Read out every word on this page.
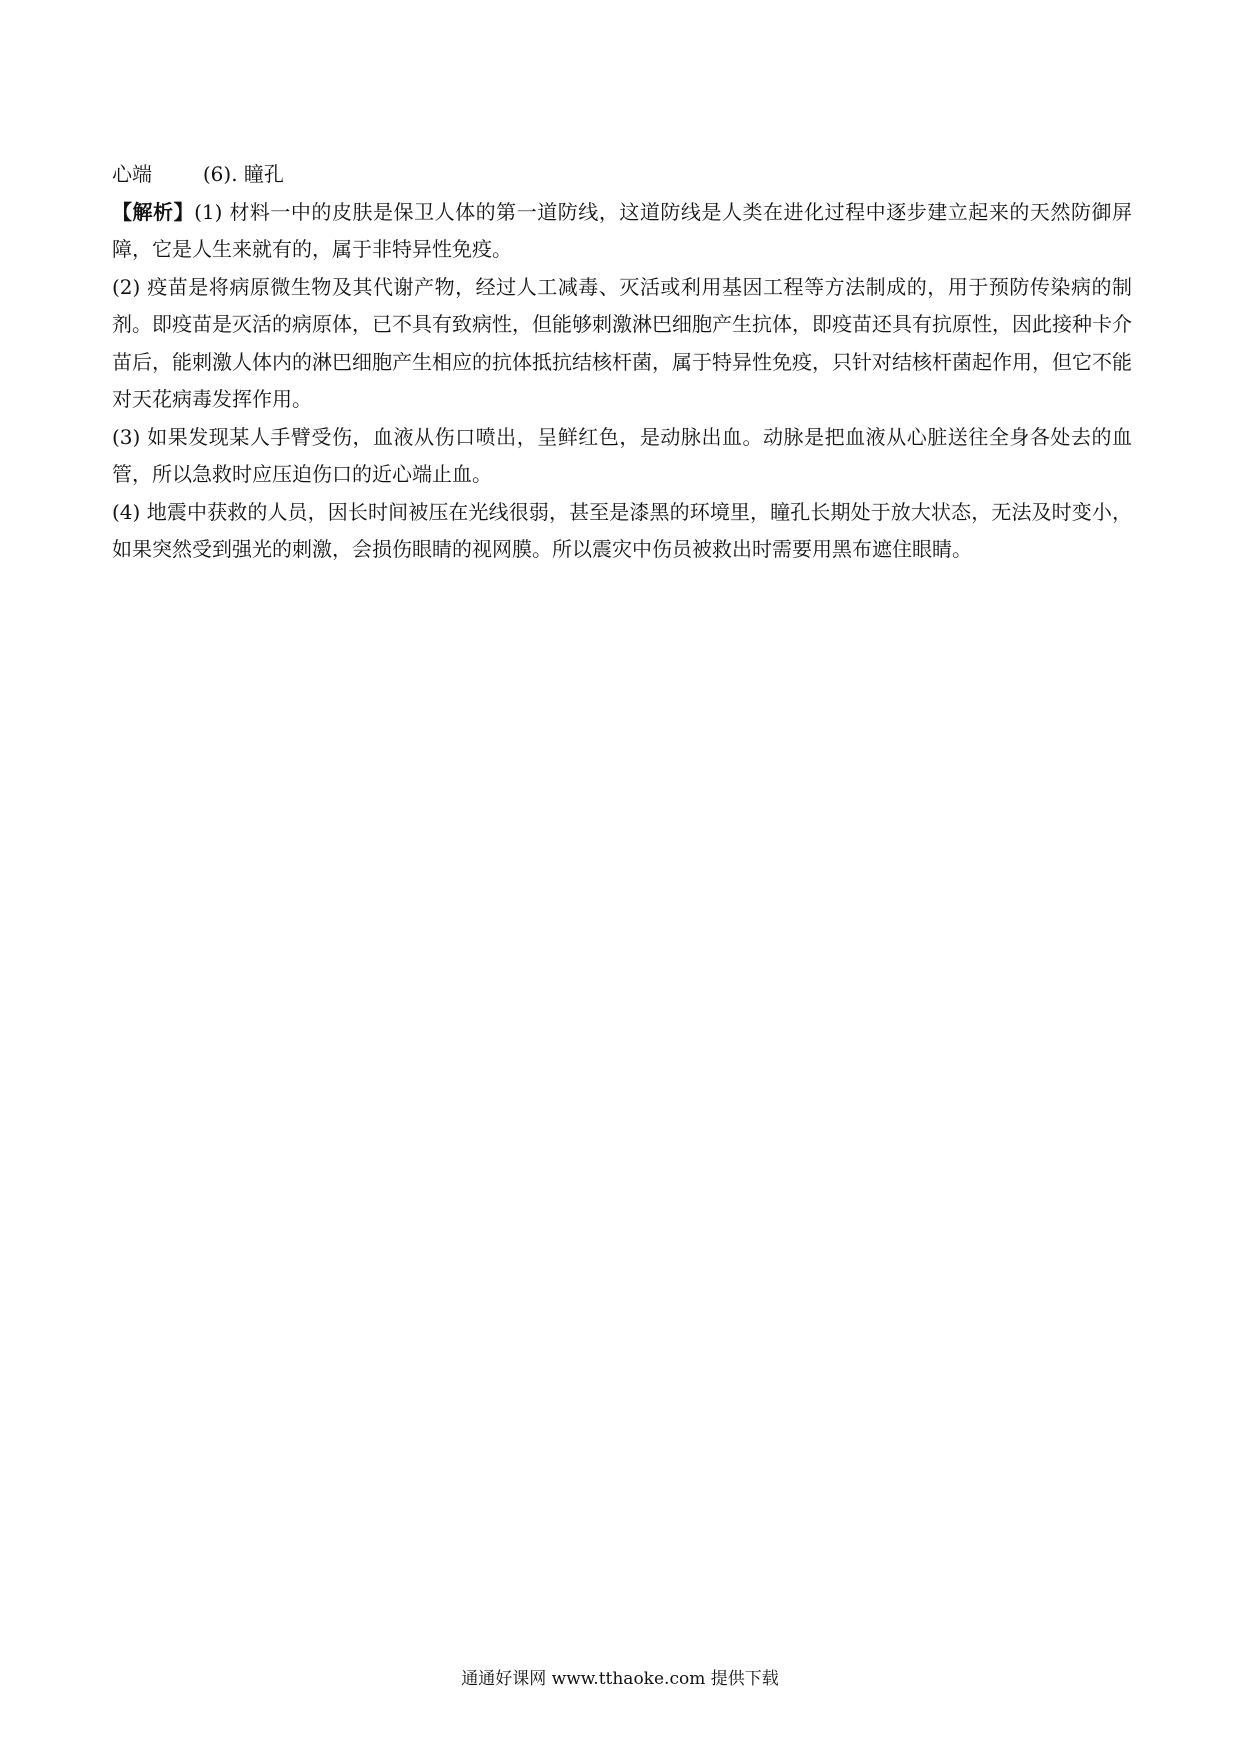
心端	(6). 瞳孔

【解析】(1) 材料一中的皮肤是保卫人体的第一道防线，这道防线是人类在进化过程中逐步建立起来的天然防御屏障，它是人生来就有的，属于非特异性免疫。

(2) 疫苗是将病原微生物及其代谢产物，经过人工减毒、灭活或利用基因工程等方法制成的，用于预防传染病的制剂。即疫苗是灭活的病原体，已不具有致病性，但能够刺激淋巴细胞产生抗体，即疫苗还具有抗原性，因此接种卡介苗后，能刺激人体内的淋巴细胞产生相应的抗体抵抗结核杆菌，属于特异性免疫，只针对结核杆菌起作用，但它不能对天花病毒发挥作用。

(3) 如果发现某人手臂受伤，血液从伤口喷出，呈鲜红色，是动脉出血。动脉是把血液从心脏送往全身各处去的血管，所以急救时应压迫伤口的近心端止血。

(4) 地震中获救的人员，因长时间被压在光线很弱，甚至是漆黑的环境里，瞳孔长期处于放大状态，无法及时变小，如果突然受到强光的刺激，会损伤眼睛的视网膜。所以震灾中伤员被救出时需要用黑布遮住眼睛。

通通好课网 www.tthaoke.com 提供下载
